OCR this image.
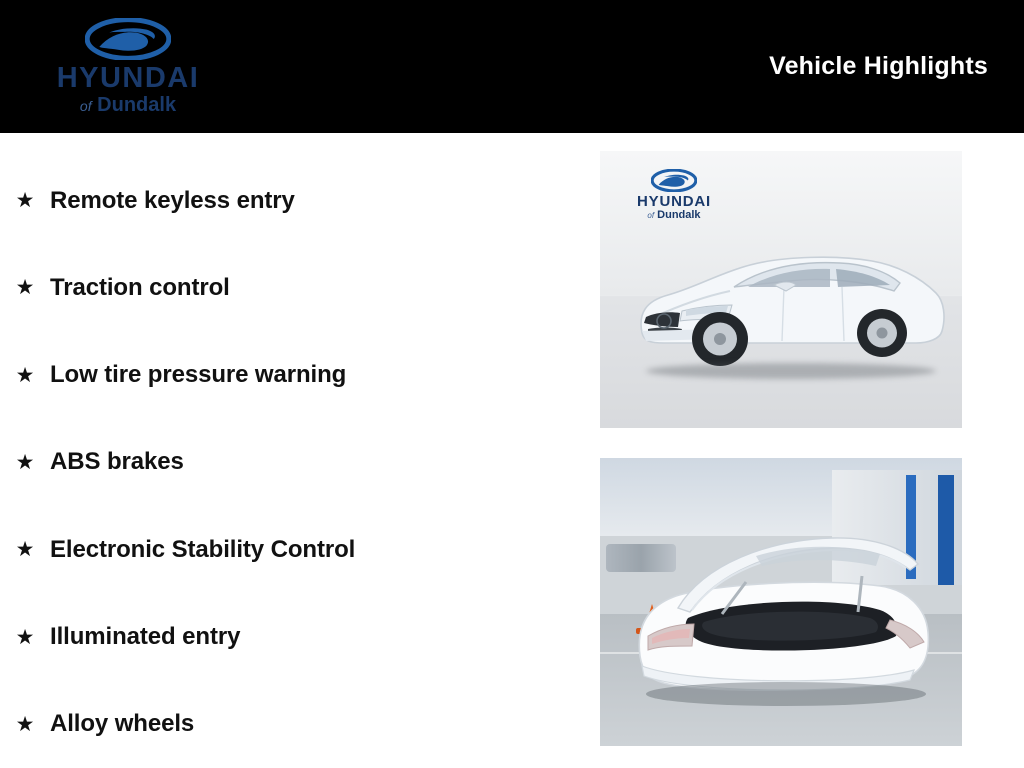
HYUNDAI
of Dundalk
Vehicle Highlights
★ Remote keyless entry
★ Traction control
★ Low tire pressure warning
★ ABS brakes
★ Electronic Stability Control
★ Illuminated entry
★ Alloy wheels
HYUNDAI
of Dundalk
